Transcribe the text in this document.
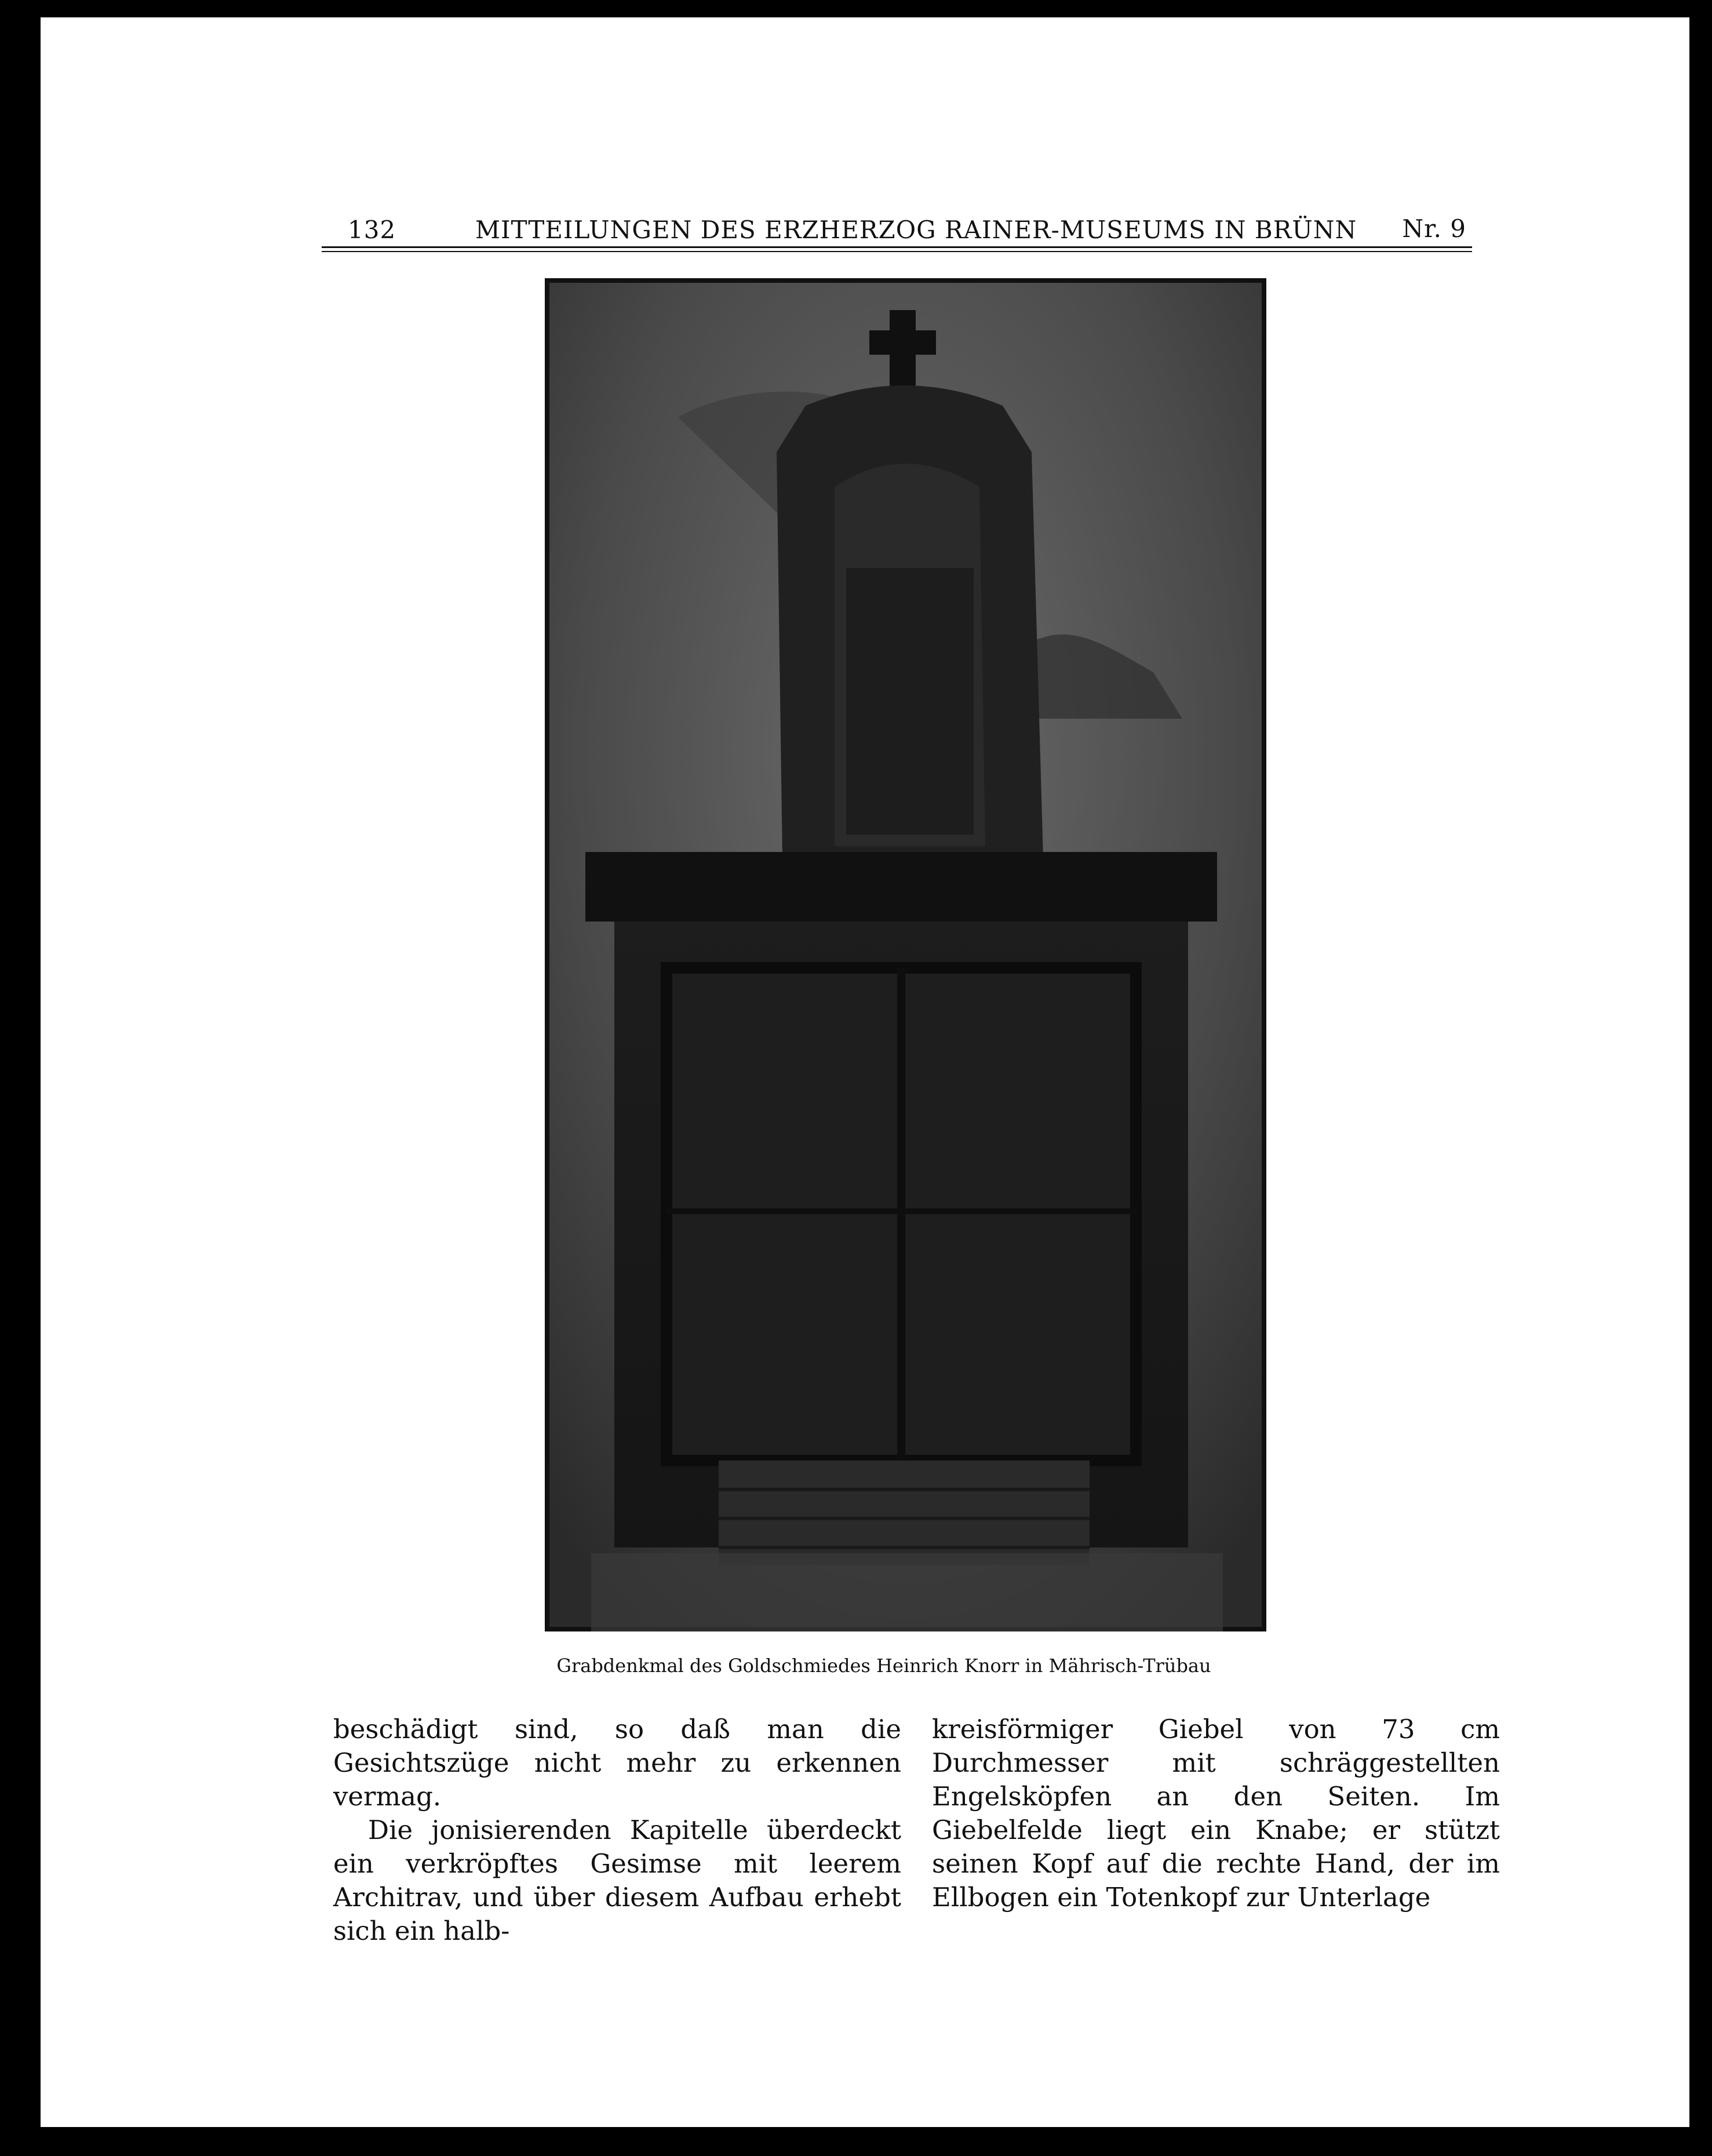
132	MITTEILUNGEN DES ERZHERZOG RAINER-MUSEUMS IN BRÜNN Nr. 9
Grabdenkmal des Goldschmiedes Heinrich Knorr in Mährisch-Trübau

beschädigt sind, so daß man die Gesichtszüge nicht mehr zu erkennen vermag.

Die jonisierenden Kapitelle überdeckt ein verkröpftes Gesimse mit leerem Architrav, und über diesem Aufbau erhebt sich ein halb-

kreisförmiger Giebel von 73 cm Durchmesser mit schräggestellten Engelsköpfen an den Seiten. Im Giebelfelde liegt ein Knabe; er stützt seinen Kopf auf die rechte Hand, der im Ellbogen ein Totenkopf zur Unterlage
